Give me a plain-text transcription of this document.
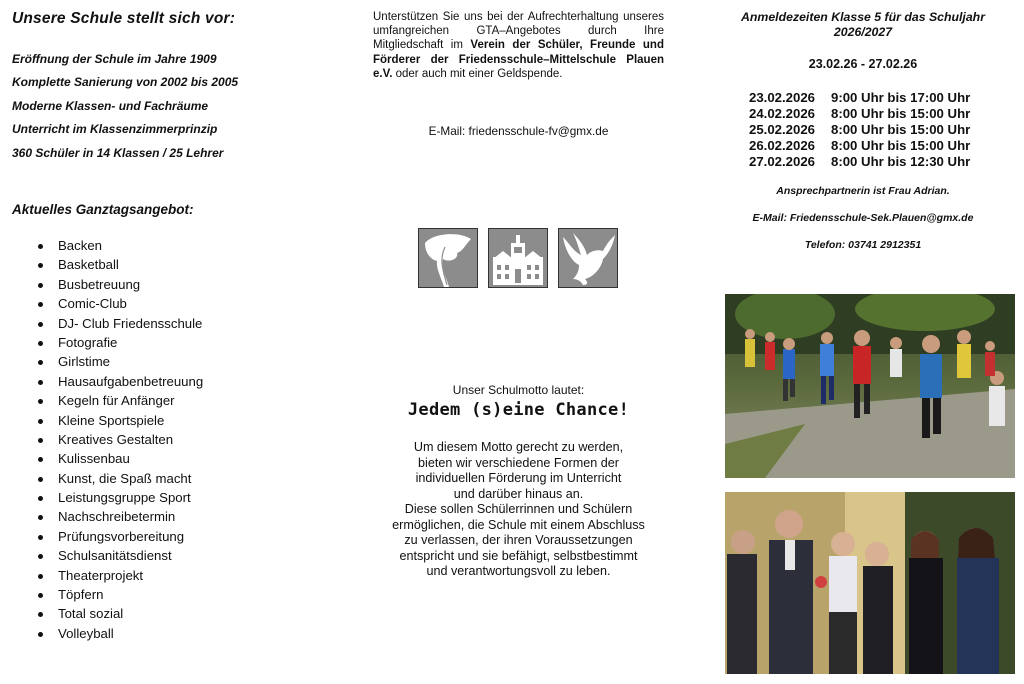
Unsere Schule stellt sich vor:
Eröffnung der Schule im Jahre 1909
Komplette Sanierung von 2002 bis 2005
Moderne Klassen- und Fachräume
Unterricht im Klassenzimmerprinzip
360 Schüler in 14 Klassen / 25 Lehrer
Aktuelles Ganztagsangebot:
Backen
Basketball
Busbetreuung
Comic-Club
DJ- Club Friedensschule
Fotografie
Girlstime
Hausaufgabenbetreuung
Kegeln für Anfänger
Kleine Sportspiele
Kreatives Gestalten
Kulissenbau
Kunst, die Spaß macht
Leistungsgruppe Sport
Nachschreibetermin
Prüfungsvorbereitung
Schulsanitätsdienst
Theaterprojekt
Töpfern
Total sozial
Volleyball
Unterstützen Sie uns bei der Aufrechterhaltung unseres umfangreichen GTA–Angebotes durch Ihre Mitgliedschaft im Verein der Schüler, Freunde und Förderer der Friedensschule–Mittelschule Plauen e.V. oder auch mit einer Geldspende.
E-Mail: friedensschule-fv@gmx.de
Unser Schulmotto lautet:
Jedem (s)eine Chance!
Um diesem Motto gerecht zu werden,
bieten wir verschiedene Formen der
individuellen Förderung im Unterricht
und darüber hinaus an.
Diese sollen Schülerrinnen und Schülern
ermöglichen, die Schule mit einem Abschluss
zu verlassen, der ihren Voraussetzungen
entspricht und sie befähigt, selbstbestimmt
und verantwortungsvoll zu leben.
Anmeldezeiten Klasse 5 für das Schuljahr
2026/2027
23.02.26 - 27.02.26
23.02.2026 9:00 Uhr bis 17:00 Uhr
24.02.2026 8:00 Uhr bis 15:00 Uhr
25.02.2026 8:00 Uhr bis 15:00 Uhr
26.02.2026 8:00 Uhr bis 15:00 Uhr
27.02.2026 8:00 Uhr bis 12:30 Uhr
Ansprechpartnerin ist Frau Adrian.
E-Mail: Friedensschule-Sek.Plauen@gmx.de
Telefon: 03741 2912351
